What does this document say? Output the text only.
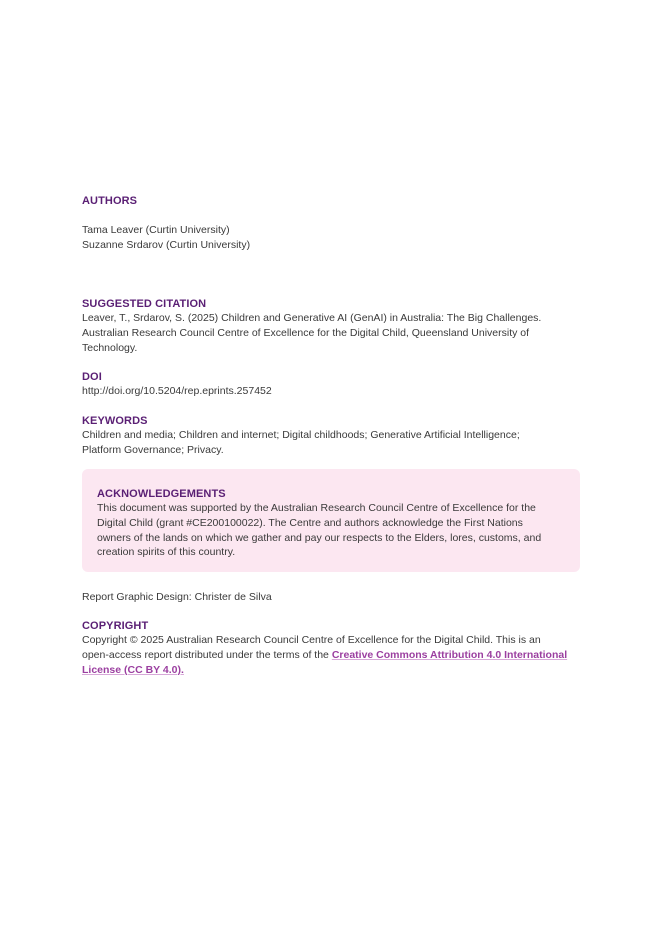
AUTHORS

Tama Leaver (Curtin University)

Suzanne Srdarov (Curtin University)

SUGGESTED CITATION

Leaver, T., Srdarov, S. (2025) Children and Generative AI (GenAI) in Australia: The Big Challenges.

Australian Research Council Centre of Excellence for the Digital Child, Queensland University of

Technology.

DOI

http://doi.org/10.5204/rep.eprints.257452

KEYWORDS

Children and media; Children and internet; Digital childhoods; Generative Artificial Intelligence;

Platform Governance; Privacy.

ACKNOWLEDGEMENTS

This document was supported by the Australian Research Council Centre of Excellence for the

Digital Child (grant #CE200100022). The Centre and authors acknowledge the First Nations

owners of the lands on which we gather and pay our respects to the Elders, lores, customs, and

creation spirits of this country.

Report Graphic Design: Christer de Silva

COPYRIGHT

Copyright © 2025 Australian Research Council Centre of Excellence for the Digital Child. This is an

open-access report distributed under the terms of the Creative Commons Attribution 4.0 International

License (CC BY 4.0).
